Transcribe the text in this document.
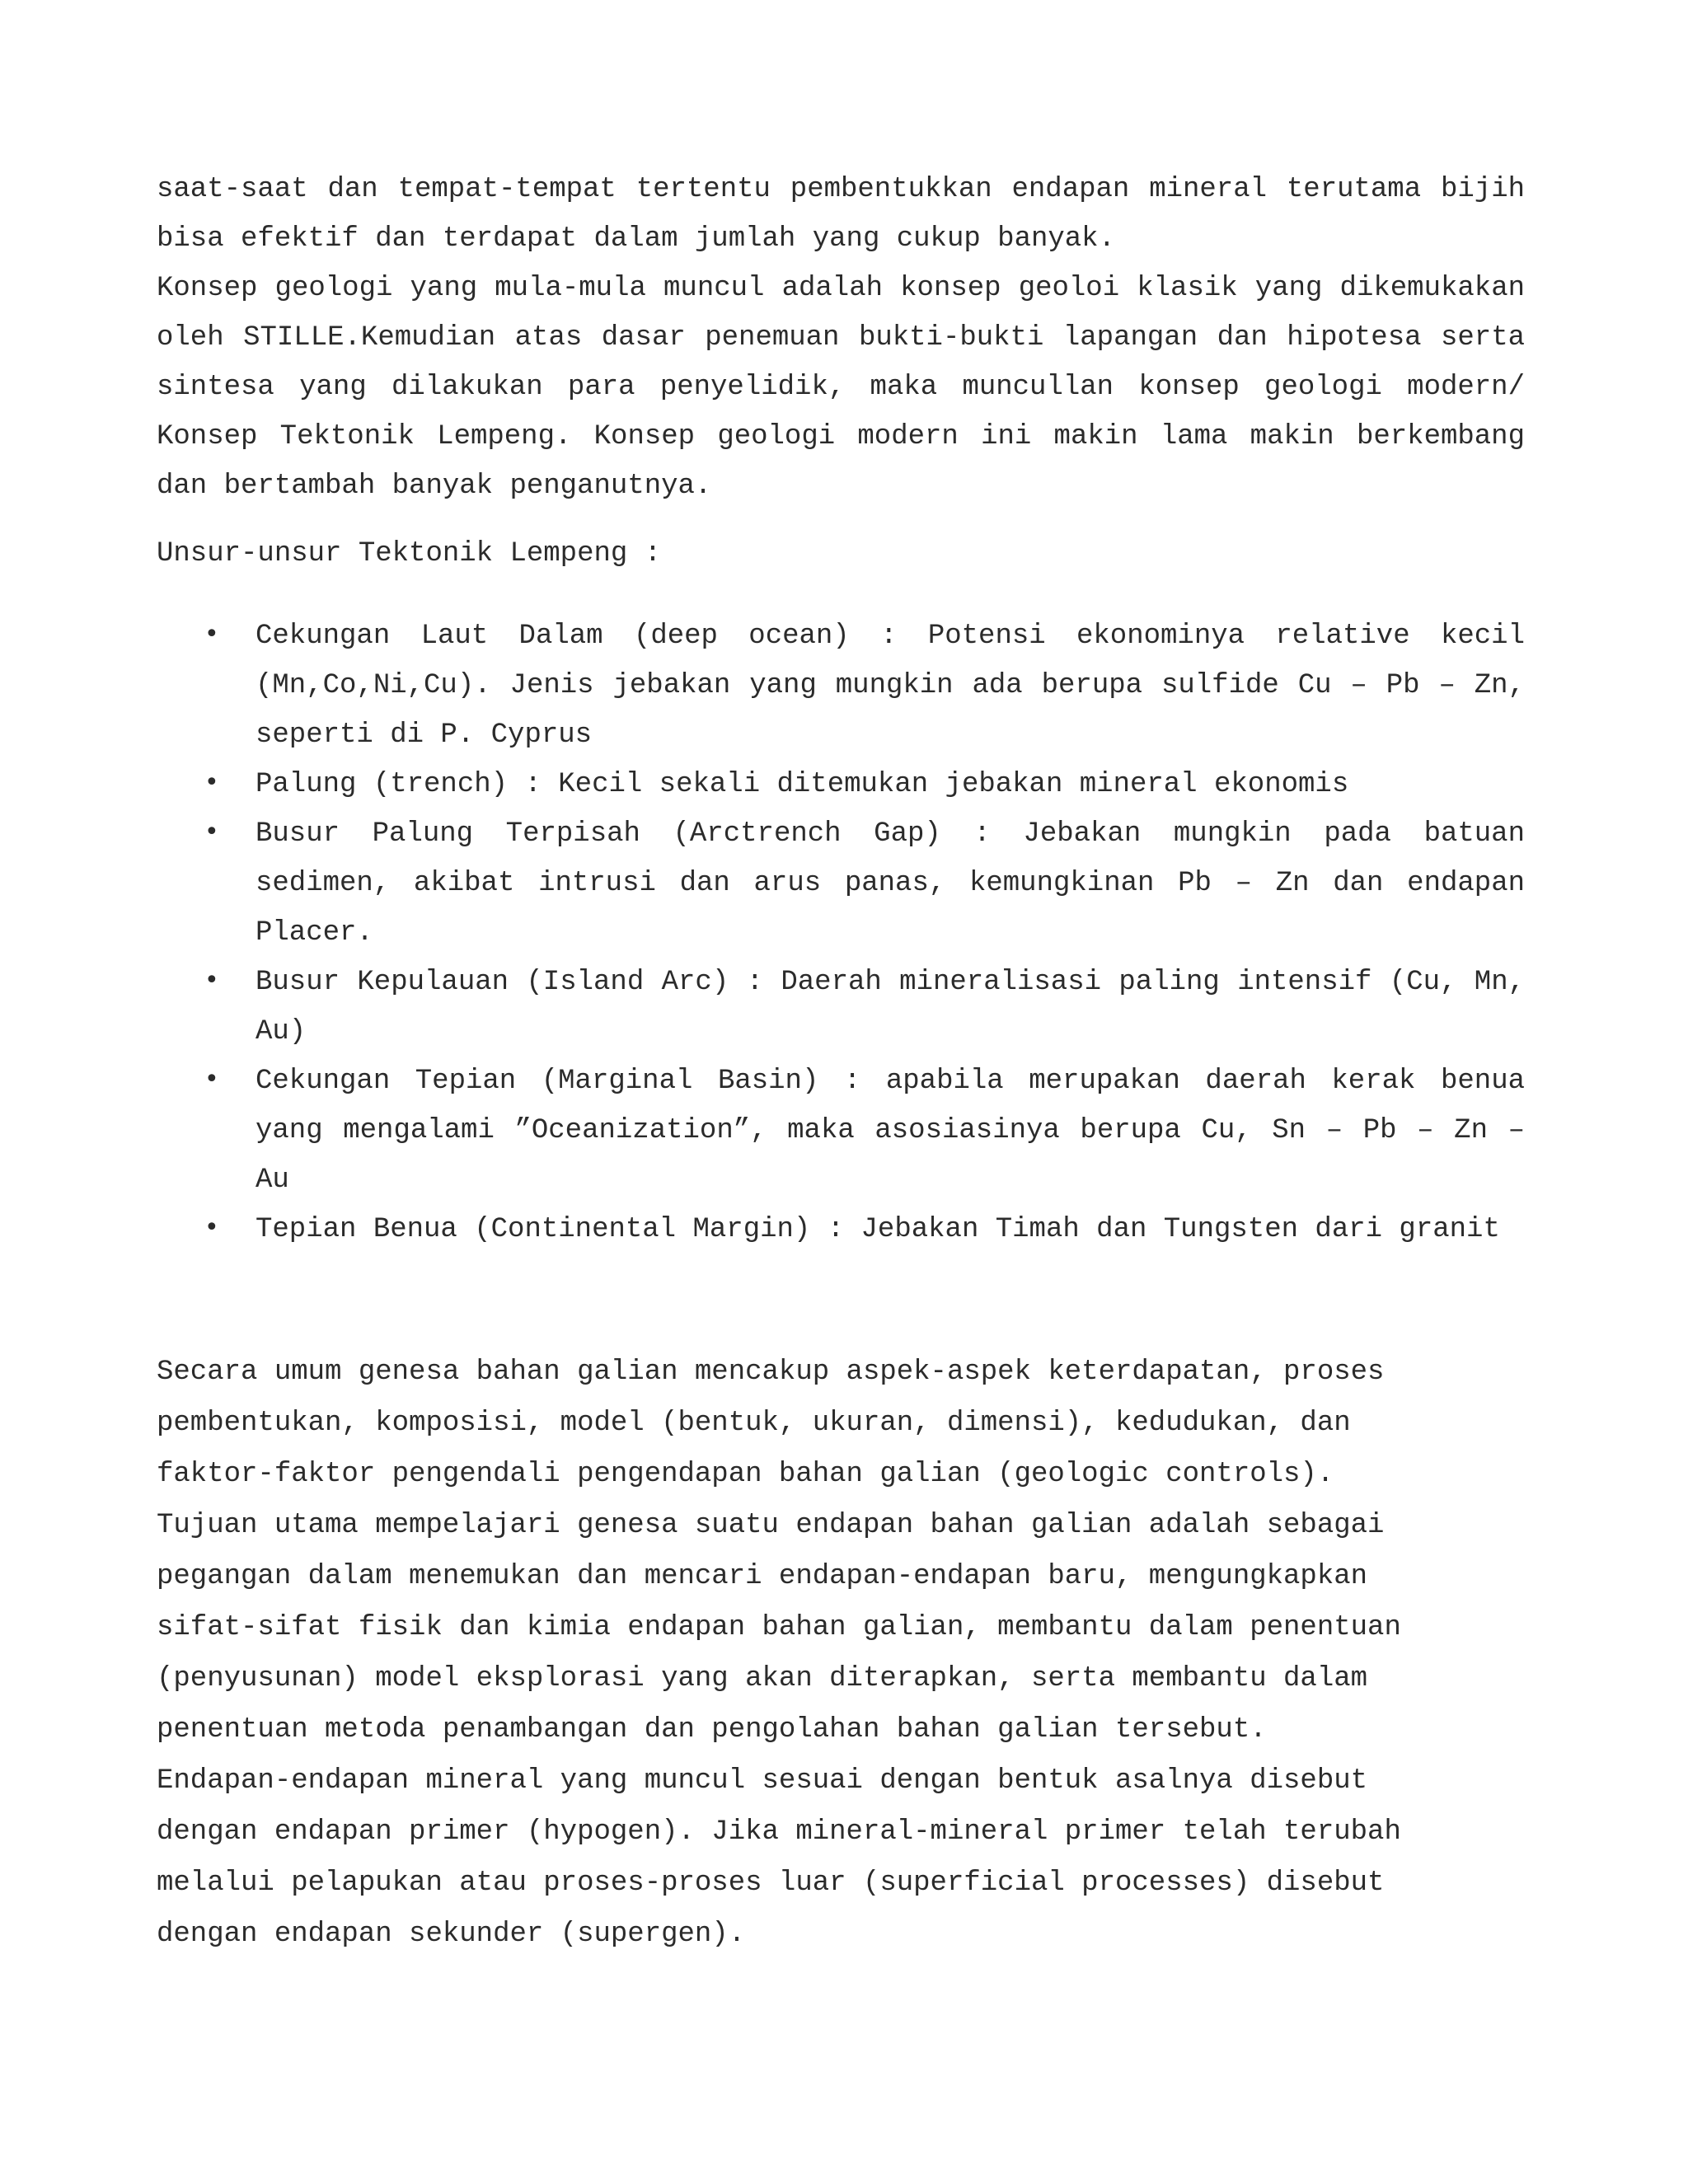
saat-saat dan tempat-tempat tertentu pembentukkan endapan mineral terutama bijih bisa efektif dan terdapat dalam jumlah yang cukup banyak.

Konsep geologi yang mula-mula muncul adalah konsep geoloi klasik yang dikemukakan oleh STILLE.Kemudian atas dasar penemuan bukti-bukti lapangan dan hipotesa serta sintesa yang dilakukan para penyelidik, maka muncullan konsep geologi modern/ Konsep Tektonik Lempeng. Konsep geologi modern ini makin lama makin berkembang dan bertambah banyak penganutnya.

Unsur-unsur Tektonik Lempeng :

• Cekungan Laut Dalam (deep ocean) : Potensi ekonominya relative kecil (Mn,Co,Ni,Cu). Jenis jebakan yang mungkin ada berupa sulfide Cu – Pb – Zn, seperti di P. Cyprus
• Palung (trench) : Kecil sekali ditemukan jebakan mineral ekonomis
• Busur Palung Terpisah (Arctrench Gap) : Jebakan mungkin pada batuan sedimen, akibat intrusi dan arus panas, kemungkinan Pb – Zn dan endapan Placer.
• Busur Kepulauan (Island Arc) : Daerah mineralisasi paling intensif (Cu, Mn, Au)
• Cekungan Tepian (Marginal Basin) : apabila merupakan daerah kerak benua yang mengalami ”Oceanization”, maka asosiasinya berupa Cu, Sn – Pb – Zn – Au
• Tepian Benua (Continental Margin) : Jebakan Timah dan Tungsten dari granit

Secara umum genesa bahan galian mencakup aspek-aspek keterdapatan, proses
pembentukan, komposisi, model (bentuk, ukuran, dimensi), kedudukan, dan
faktor-faktor pengendali pengendapan bahan galian (geologic controls).
Tujuan utama mempelajari genesa suatu endapan bahan galian adalah sebagai
pegangan dalam menemukan dan mencari endapan-endapan baru, mengungkapkan
sifat-sifat fisik dan kimia endapan bahan galian, membantu dalam penentuan
(penyusunan) model eksplorasi yang akan diterapkan, serta membantu dalam
penentuan metoda penambangan dan pengolahan bahan galian tersebut.
Endapan-endapan mineral yang muncul sesuai dengan bentuk asalnya disebut
dengan endapan primer (hypogen). Jika mineral-mineral primer telah terubah
melalui pelapukan atau proses-proses luar (superficial processes) disebut
dengan endapan sekunder (supergen).
